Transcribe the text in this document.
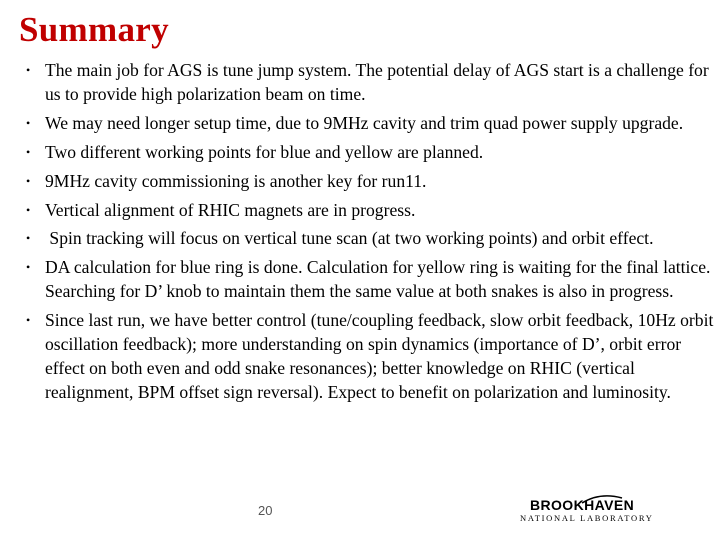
Summary
• The main job for AGS is tune jump system. The potential delay of AGS start is a challenge for us to provide high polarization beam on time.
• We may need longer setup time, due to 9MHz cavity and trim quad power supply upgrade.
• Two different working points for blue and yellow are planned.
• 9MHz cavity commissioning is another key for run11.
• Vertical alignment of RHIC magnets are in progress.
• Spin tracking will focus on vertical tune scan (at two working points) and orbit effect.
• DA calculation for blue ring is done. Calculation for yellow ring is waiting for the final lattice.  Searching for D’ knob to maintain them the same value at both snakes is also in progress.
• Since last run, we have better control (tune/coupling feedback, slow orbit feedback, 10Hz orbit oscillation feedback); more understanding on spin dynamics (importance of D’, orbit error effect on both even and odd snake resonances); better knowledge on RHIC (vertical realignment, BPM offset sign reversal). Expect to benefit on polarization and luminosity.
20	BROOKHAVEN
NATIONAL LABORATORY
